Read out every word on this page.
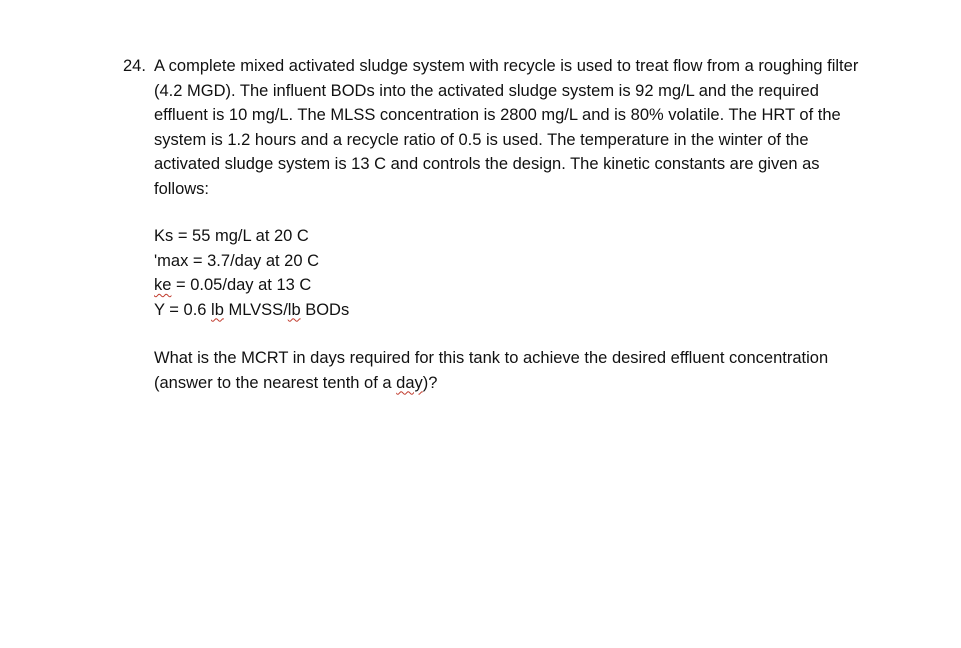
24. A complete mixed activated sludge system with recycle is used to treat flow from a roughing filter (4.2 MGD). The influent BODs into the activated sludge system is 92 mg/L and the required effluent is 10 mg/L. The MLSS concentration is 2800 mg/L and is 80% volatile. The HRT of the system is 1.2 hours and a recycle ratio of 0.5 is used. The temperature in the winter of the activated sludge system is 13 C and controls the design. The kinetic constants are given as follows:

Ks = 55 mg/L at 20 C
'max = 3.7/day at 20 C
ke = 0.05/day at 13 C
Y = 0.6 lb MLVSS/lb BODs

What is the MCRT in days required for this tank to achieve the desired effluent concentration (answer to the nearest tenth of a day)?
